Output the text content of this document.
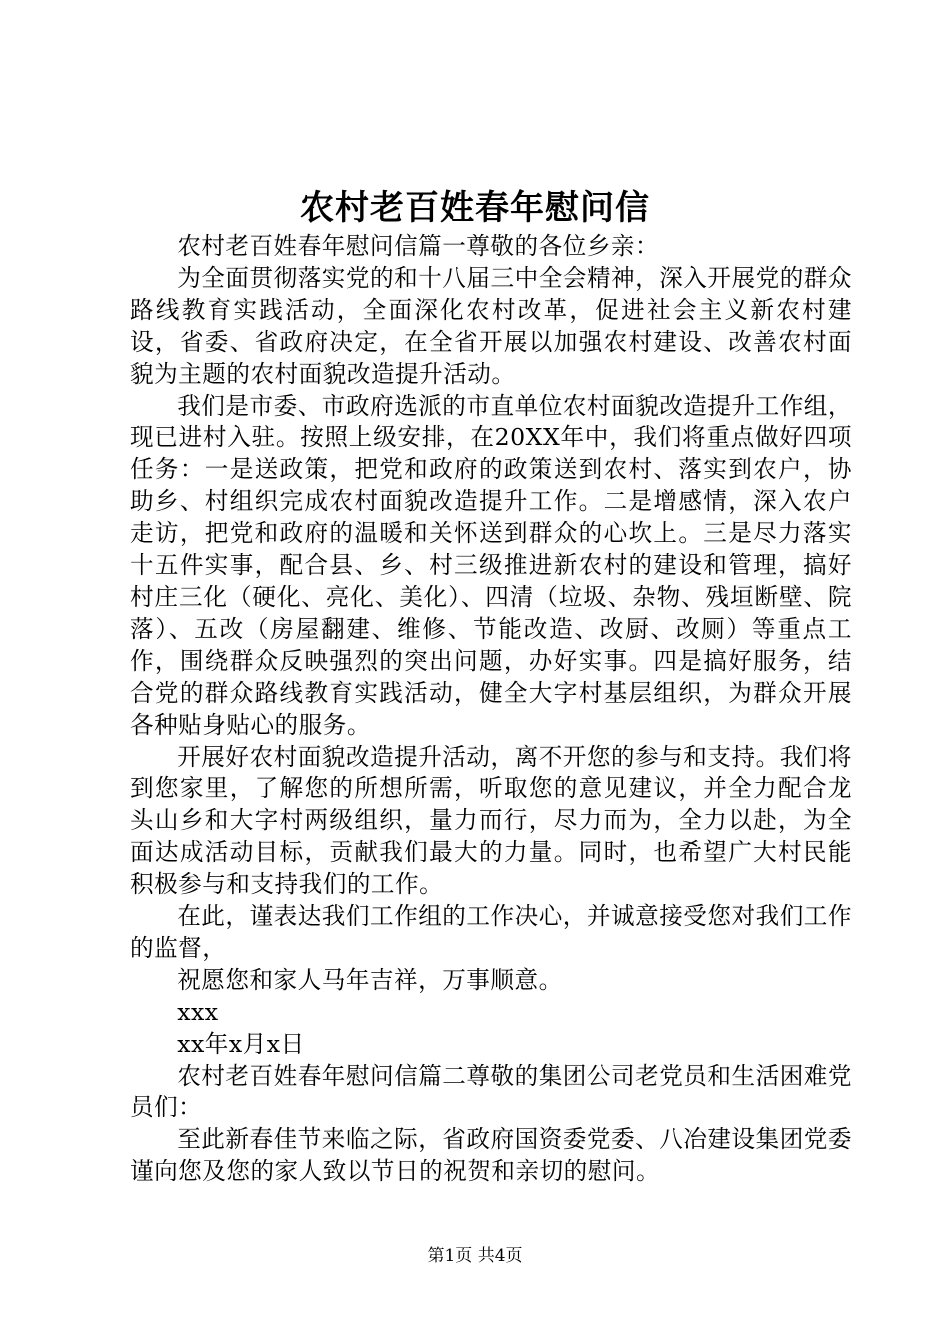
农村老百姓春年慰问信

农村老百姓春年慰问信篇一尊敬的各位乡亲：

为全面贯彻落实党的和十八届三中全会精神，深入开展党的群众路线教育实践活动，全面深化农村改革，促进社会主义新农村建设，省委、省政府决定，在全省开展以加强农村建设、改善农村面貌为主题的农村面貌改造提升活动。

我们是市委、市政府选派的市直单位农村面貌改造提升工作组，现已进村入驻。按照上级安排，在20XX年中，我们将重点做好四项任务：一是送政策，把党和政府的政策送到农村、落实到农户，协助乡、村组织完成农村面貌改造提升工作。二是增感情，深入农户走访，把党和政府的温暖和关怀送到群众的心坎上。三是尽力落实十五件实事，配合县、乡、村三级推进新农村的建设和管理，搞好村庄三化（硬化、亮化、美化）、四清（垃圾、杂物、残垣断壁、院落）、五改（房屋翻建、维修、节能改造、改厨、改厕）等重点工作，围绕群众反映强烈的突出问题，办好实事。四是搞好服务，结合党的群众路线教育实践活动，健全大字村基层组织，为群众开展各种贴身贴心的服务。

开展好农村面貌改造提升活动，离不开您的参与和支持。我们将到您家里，了解您的所想所需，听取您的意见建议，并全力配合龙头山乡和大字村两级组织，量力而行，尽力而为，全力以赴，为全面达成活动目标，贡献我们最大的力量。同时，也希望广大村民能积极参与和支持我们的工作。

在此，谨表达我们工作组的工作决心，并诚意接受您对我们工作的监督，

祝愿您和家人马年吉祥，万事顺意。

xxx

xx年x月x日

农村老百姓春年慰问信篇二尊敬的集团公司老党员和生活困难党员们：

至此新春佳节来临之际，省政府国资委党委、八冶建设集团党委谨向您及您的家人致以节日的祝贺和亲切的慰问。

第1页 共4页
